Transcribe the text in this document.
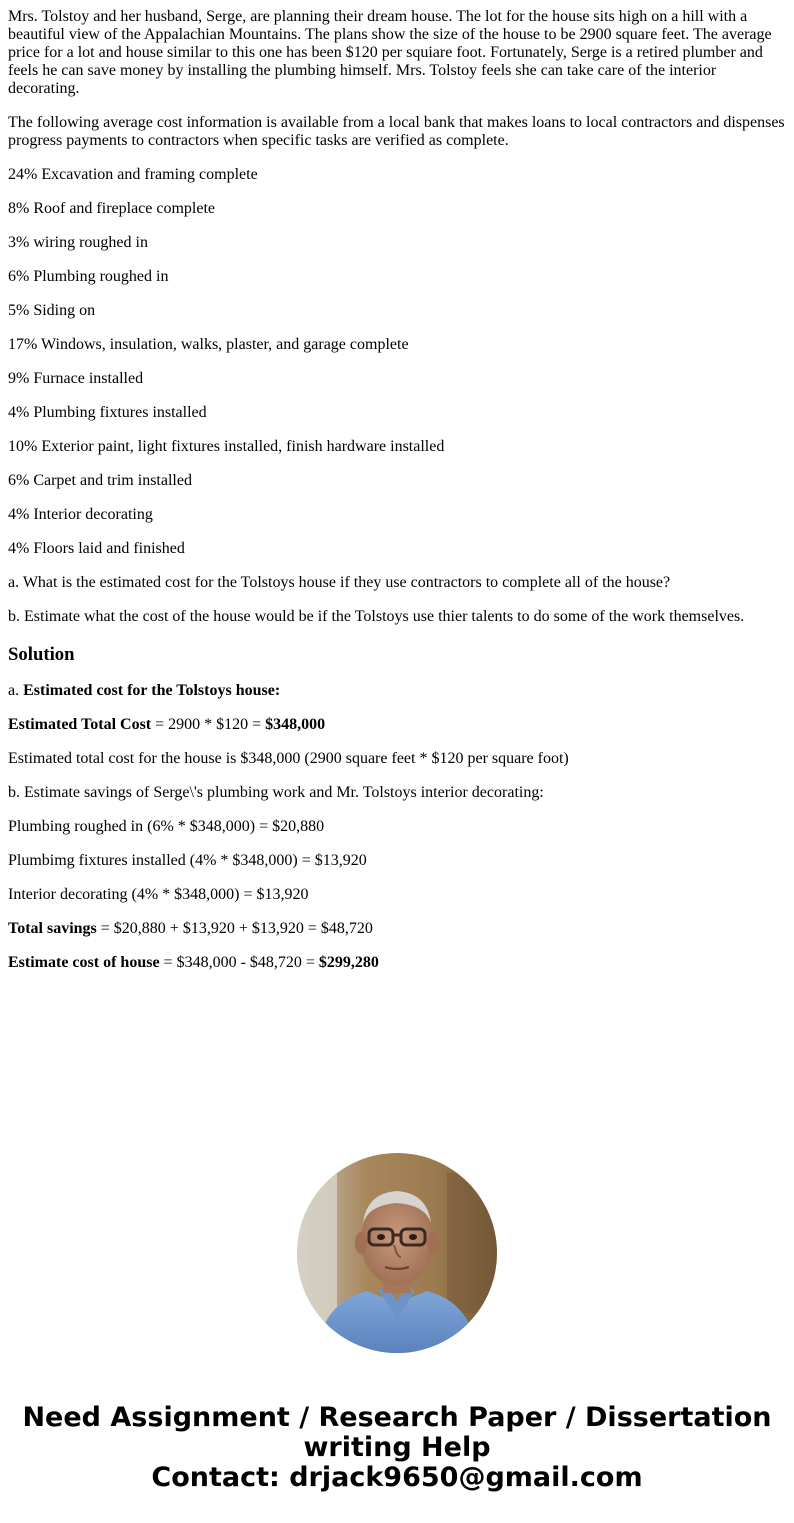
Mrs. Tolstoy and her husband, Serge, are planning their dream house. The lot for the house sits high on a hill with a beautiful view of the Appalachian Mountains. The plans show the size of the house to be 2900 square feet. The average price for a lot and house similar to this one has been $120 per squiare foot. Fortunately, Serge is a retired plumber and feels he can save money by installing the plumbing himself. Mrs. Tolstoy feels she can take care of the interior decorating.

The following average cost information is available from a local bank that makes loans to local contractors and dispenses progress payments to contractors when specific tasks are verified as complete.

24% Excavation and framing complete

8% Roof and fireplace complete

3% wiring roughed in

6% Plumbing roughed in

5% Siding on

17% Windows, insulation, walks, plaster, and garage complete

9% Furnace installed

4% Plumbing fixtures installed

10% Exterior paint, light fixtures installed, finish hardware installed

6% Carpet and trim installed

4% Interior decorating

4% Floors laid and finished

a. What is the estimated cost for the Tolstoys house if they use contractors to complete all of the house?

b. Estimate what the cost of the house would be if the Tolstoys use thier talents to do some of the work themselves.

Solution

a. Estimated cost for the Tolstoys house:

Estimated Total Cost = 2900 * $120 = $348,000

Estimated total cost for the house is $348,000 (2900 square feet * $120 per square foot)

b. Estimate savings of Serge\'s plumbing work and Mr. Tolstoys interior decorating:

Plumbing roughed in (6% * $348,000) = $20,880

Plumbimg fixtures installed (4% * $348,000) = $13,920

Interior decorating (4% * $348,000) = $13,920

Total savings = $20,880 + $13,920 + $13,920 = $48,720

Estimate cost of house = $348,000 - $48,720 = $299,280

Need Assignment / Research Paper / Dissertation
writing Help
Contact: drjack9650@gmail.com
